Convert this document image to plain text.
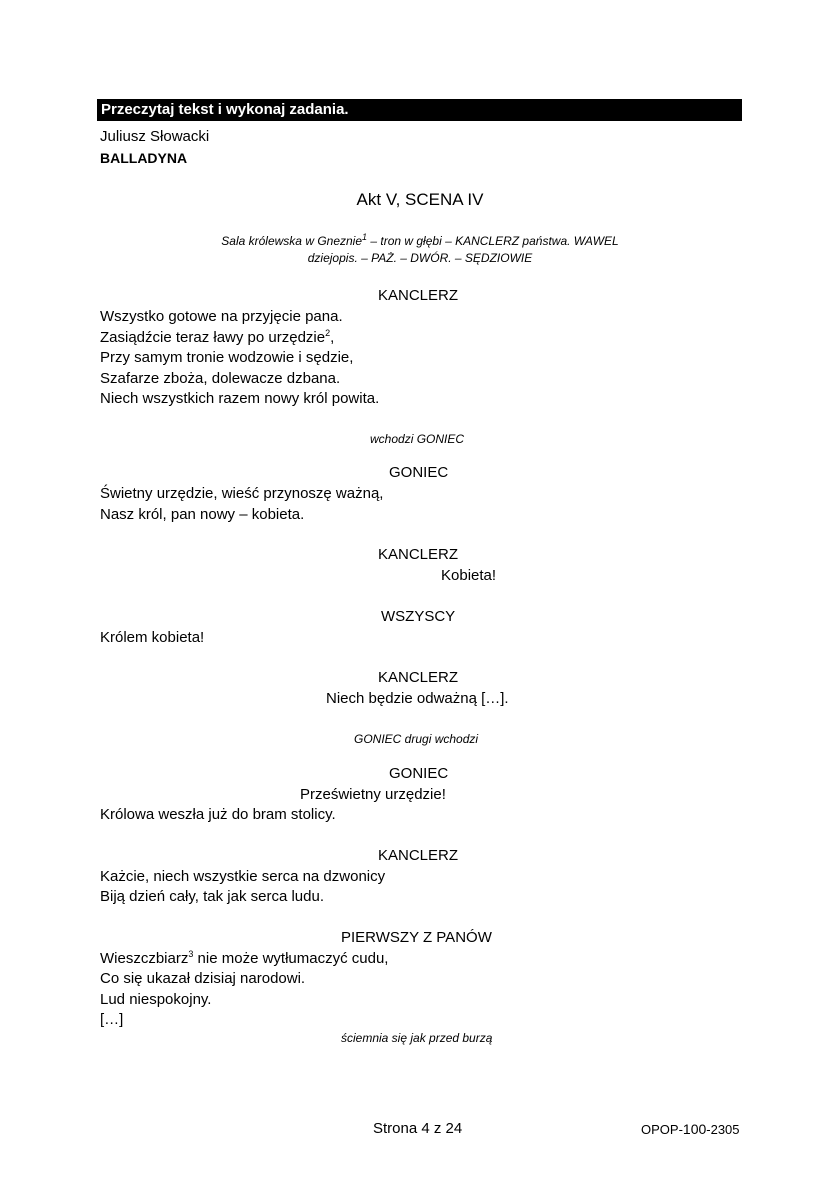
Przeczytaj tekst i wykonaj zadania.
Juliusz Słowacki
BALLADYNA
Akt V, SCENA IV
Sala królewska w Gneznie$^1$ – tron w głębi – KANCLERZ państwa. WAWEL
dziejopis. – PAŻ. – DWÓR. – SĘDZIOWIE
KANCLERZ
Wszystko gotowe na przyjęcie pana.
Zasiądźcie teraz ławy po urzędzie$^2$,
Przy samym tronie wodzowie i sędzie,
Szafarze zboża, dolewacze dzbana.
Niech wszystkich razem nowy król powita.
wchodzi GONIEC
GONIEC
Świetny urzędzie, wieść przynoszę ważną,
Nasz król, pan nowy – kobieta.
KANCLERZ
Kobieta!
WSZYSCY
Królem kobieta!
KANCLERZ
Niech będzie odważną […].
GONIEC drugi wchodzi
GONIEC
Prześwietny urzędzie!
Królowa weszła już do bram stolicy.
KANCLERZ
Każcie, niech wszystkie serca na dzwonicy
Biją dzień cały, tak jak serca ludu.
PIERWSZY Z PANÓW
Wieszczbiarz$^3$ nie może wytłumaczyć cudu,
Co się ukazał dzisiaj narodowi.
Lud niespokojny.
[…]
ściemnia się jak przed burzą
Strona 4 z 24	OPOP-100-2305
